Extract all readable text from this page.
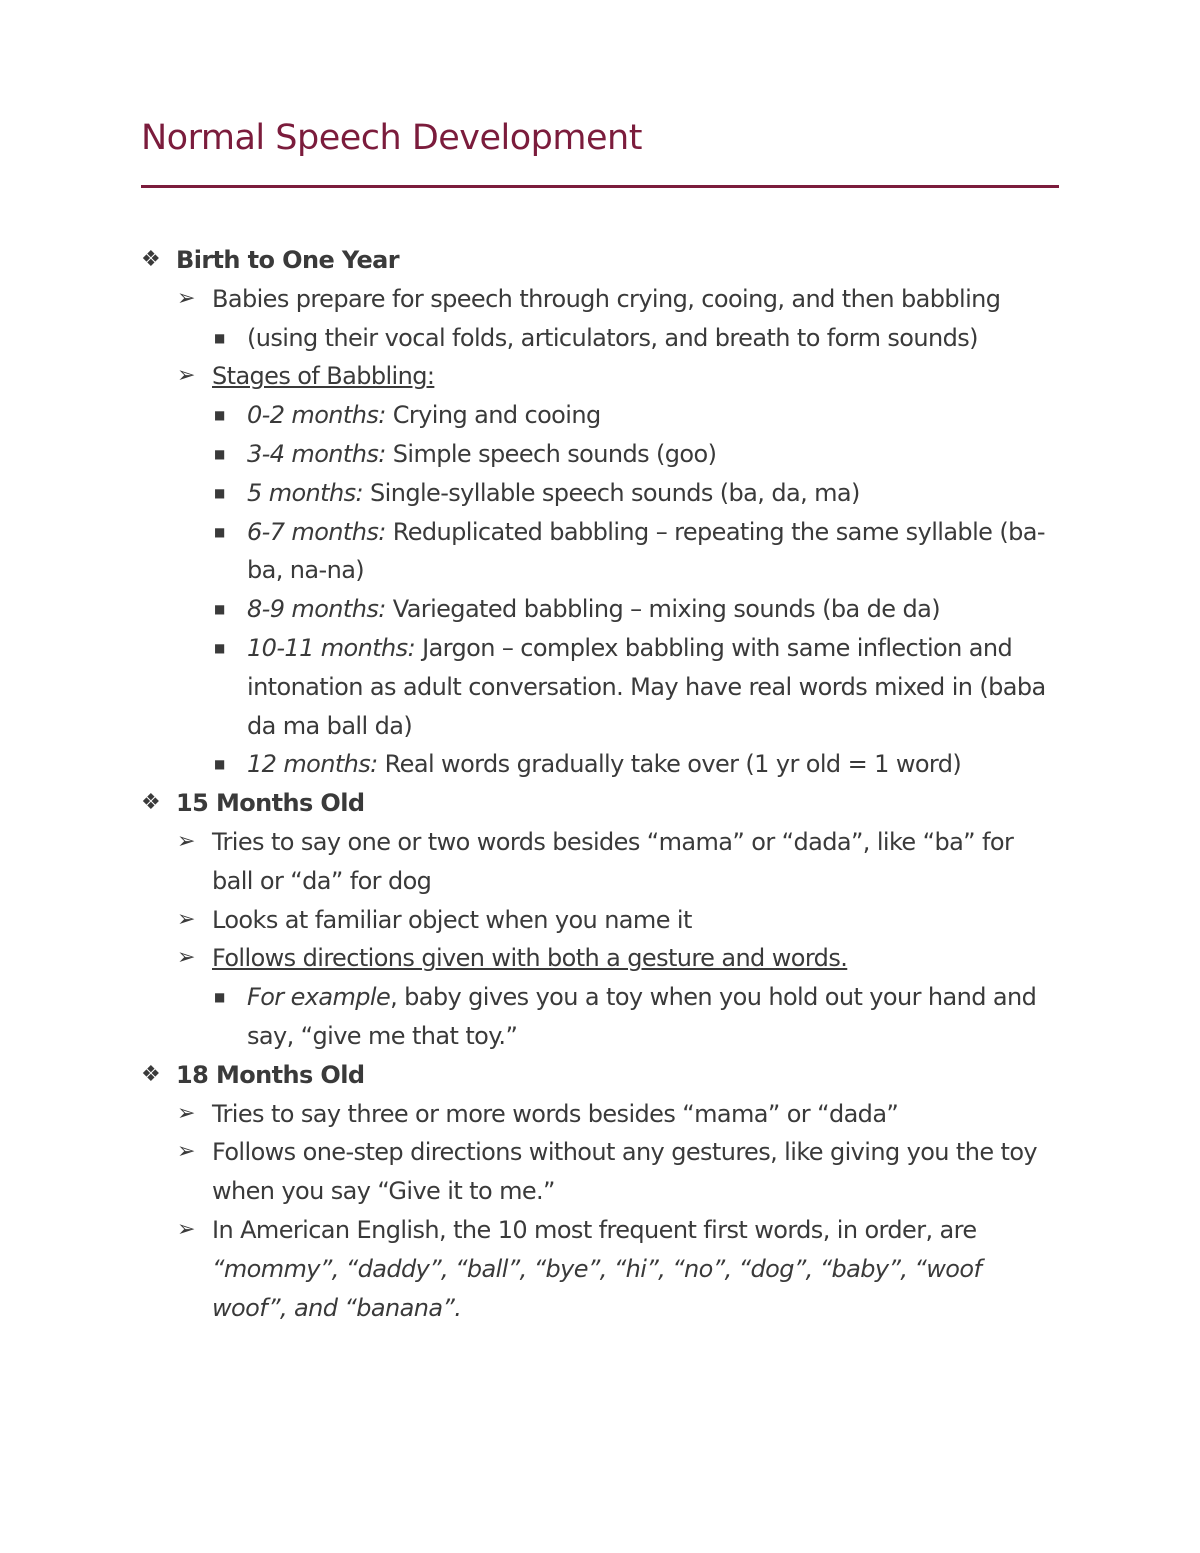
Normal Speech Development
❖ Birth to One Year
➢ Babies prepare for speech through crying, cooing, and then babbling
■ (using their vocal folds, articulators, and breath to form sounds)
➢ Stages of Babbling:
■ 0-2 months: Crying and cooing
■ 3-4 months: Simple speech sounds (goo)
■ 5 months: Single-syllable speech sounds (ba, da, ma)
■ 6-7 months: Reduplicated babbling – repeating the same syllable (ba-ba, na-na)
■ 8-9 months: Variegated babbling – mixing sounds (ba de da)
■ 10-11 months: Jargon – complex babbling with same inflection and intonation as adult conversation. May have real words mixed in (baba da ma ball da)
■ 12 months: Real words gradually take over (1 yr old = 1 word)
❖ 15 Months Old
➢ Tries to say one or two words besides “mama” or “dada”, like “ba” for ball or “da” for dog
➢ Looks at familiar object when you name it
➢ Follows directions given with both a gesture and words.
■ For example, baby gives you a toy when you hold out your hand and say, “give me that toy.”
❖ 18 Months Old
➢ Tries to say three or more words besides “mama” or “dada”
➢ Follows one-step directions without any gestures, like giving you the toy when you say “Give it to me.”
➢ In American English, the 10 most frequent first words, in order, are “mommy”, “daddy”, “ball”, “bye”, “hi”, “no”, “dog”, “baby”, “woof woof”, and “banana”.
